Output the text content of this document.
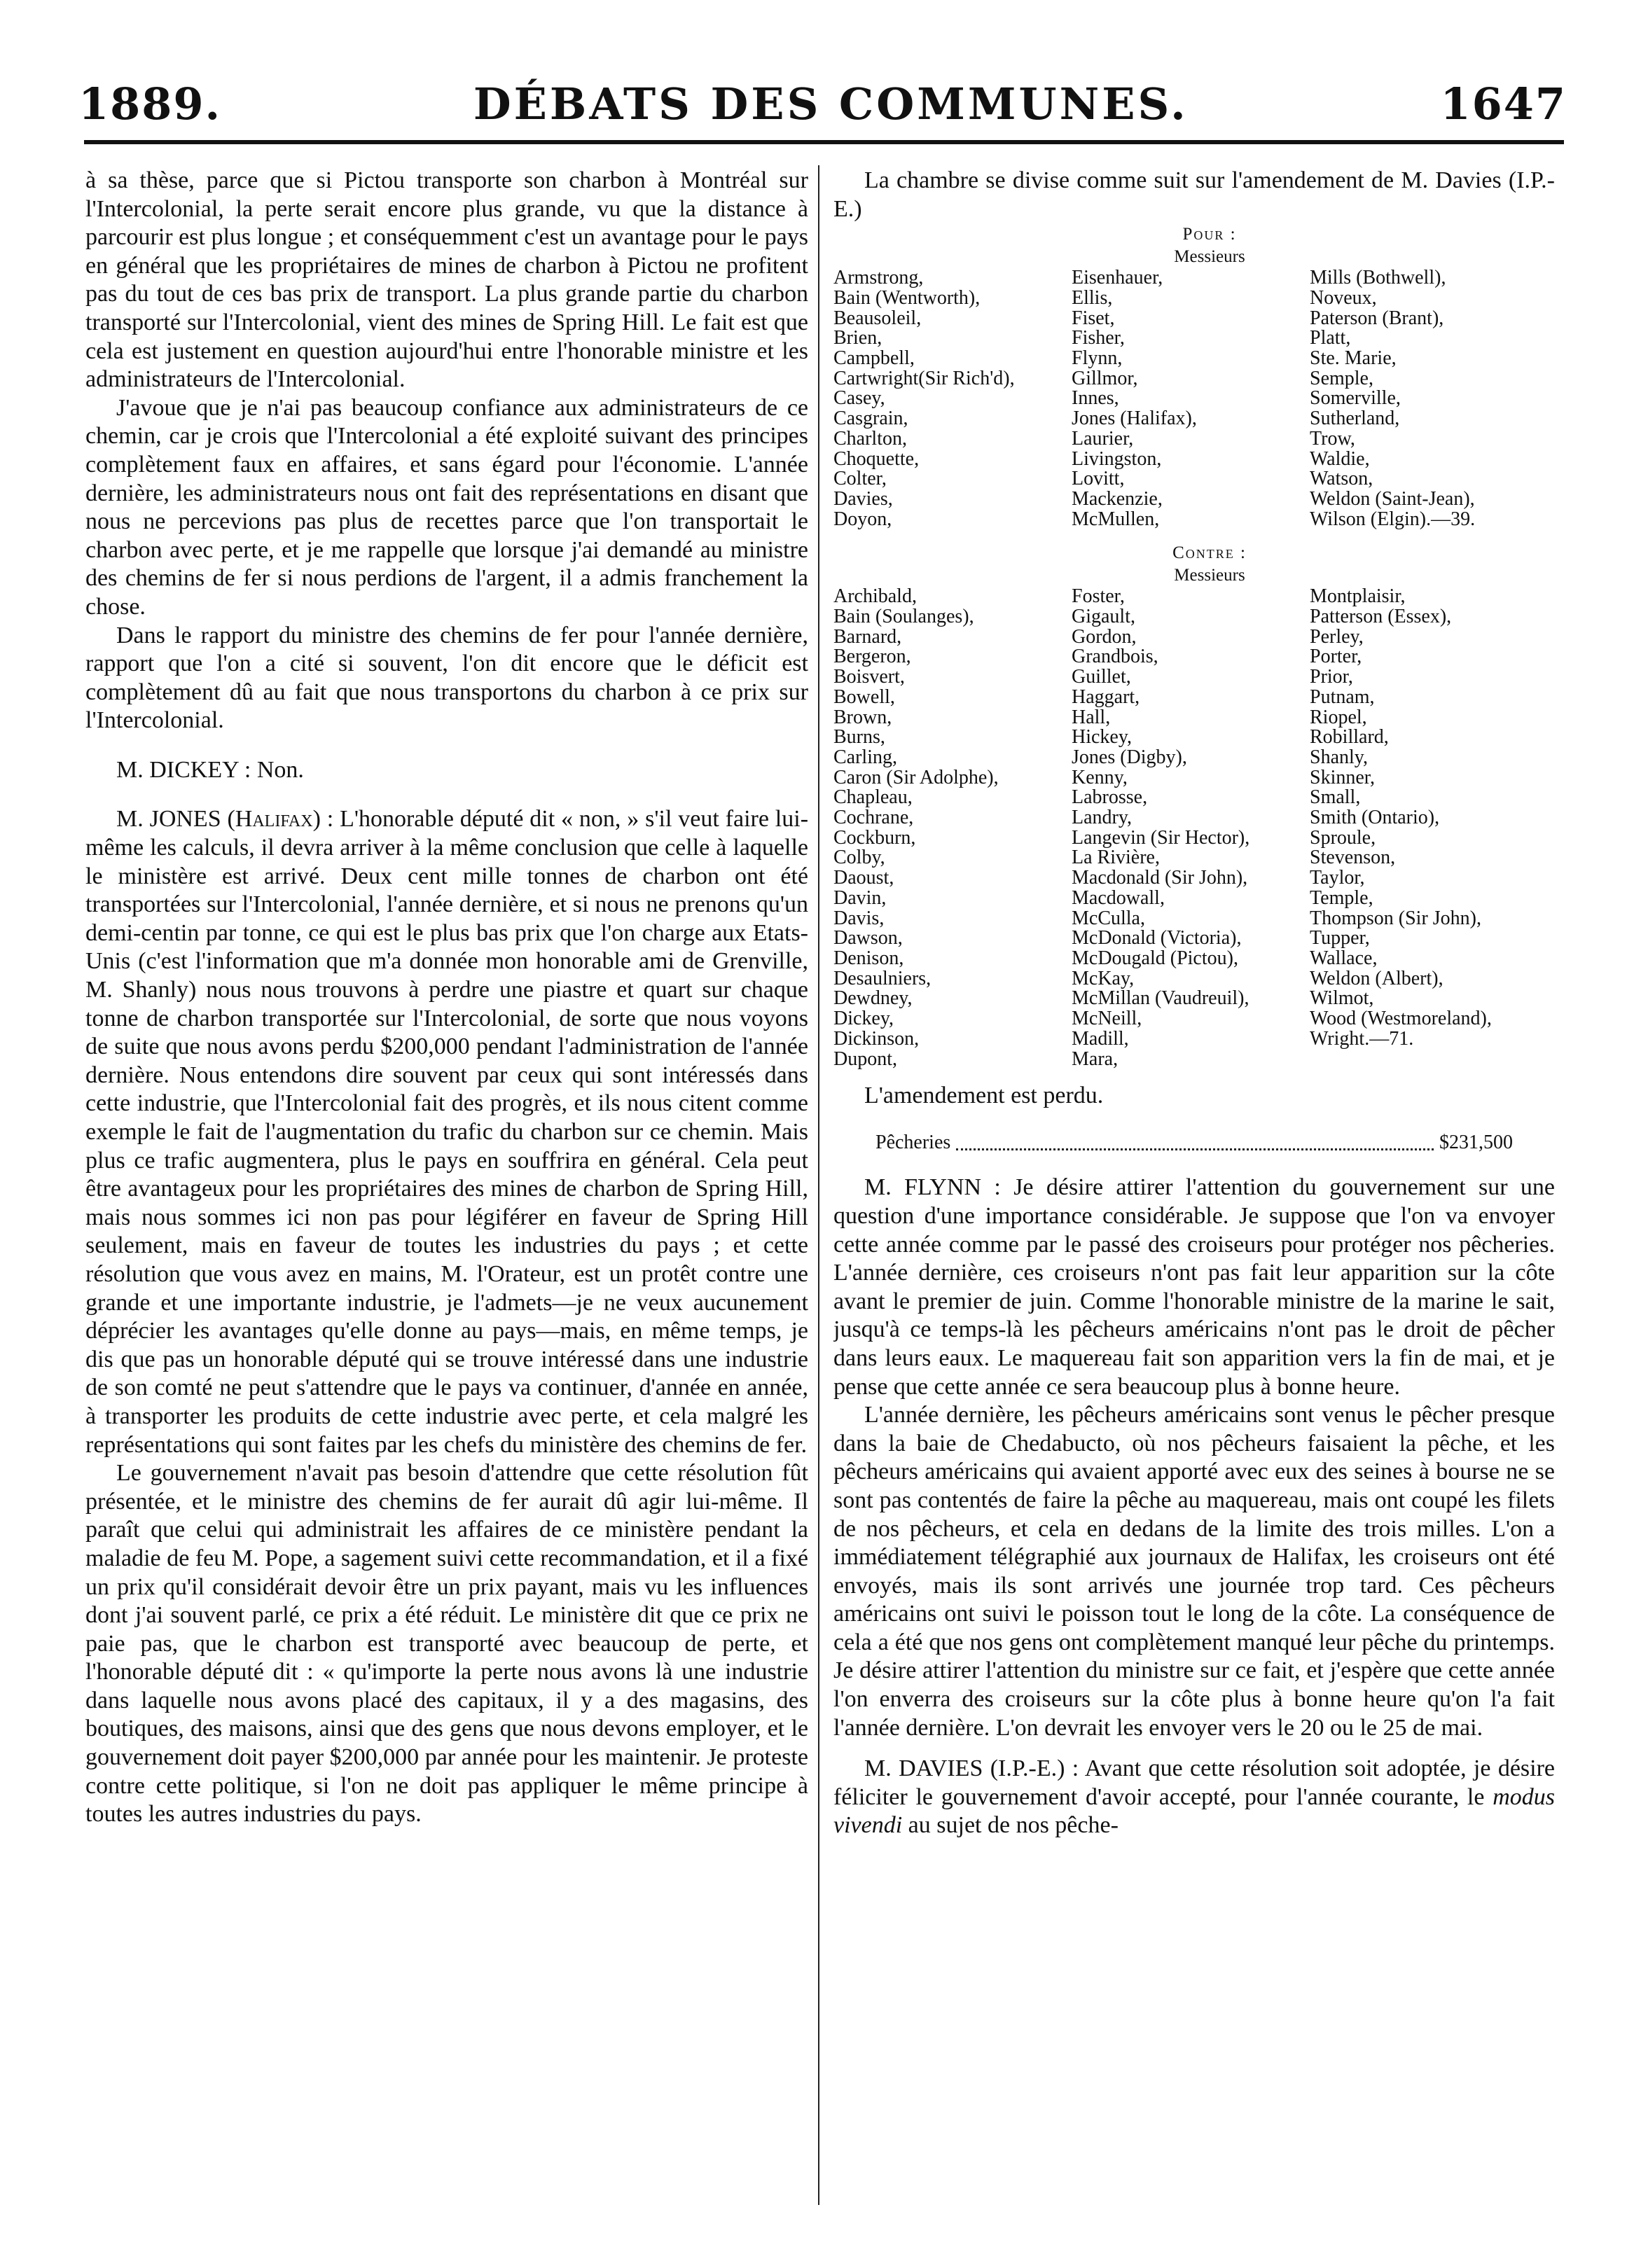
1889.	DÉBATS DES COMMUNES.	1647

à sa thèse, parce que si Pictou transporte son charbon à Montréal sur l'Intercolonial, la perte serait encore plus grande, vu que la distance à parcourir est plus longue ; et conséquemment c'est un avantage pour le pays en général que les propriétaires de mines de charbon à Pictou ne profitent pas du tout de ces bas prix de transport. La plus grande partie du charbon transporté sur l'Intercolonial, vient des mines de Spring Hill. Le fait est que cela est justement en question aujourd'hui entre l'honorable ministre et les administrateurs de l'Intercolonial.

J'avoue que je n'ai pas beaucoup confiance aux administrateurs de ce chemin, car je crois que l'Intercolonial a été exploité suivant des principes complètement faux en affaires, et sans égard pour l'économie. L'année dernière, les administrateurs nous ont fait des représentations en disant que nous ne percevions pas plus de recettes parce que l'on transportait le charbon avec perte, et je me rappelle que lorsque j'ai demandé au ministre des chemins de fer si nous perdions de l'argent, il a admis franchement la chose.

Dans le rapport du ministre des chemins de fer pour l'année dernière, rapport que l'on a cité si souvent, l'on dit encore que le déficit est complètement dû au fait que nous transportons du charbon à ce prix sur l'Intercolonial.

M. DICKEY : Non.

M. JONES (Halifax) : L'honorable député dit « non, » s'il veut faire lui-même les calculs, il devra arriver à la même conclusion que celle à laquelle le ministère est arrivé. Deux cent mille tonnes de charbon ont été transportées sur l'Intercolonial, l'année dernière, et si nous ne prenons qu'un demi-centin par tonne, ce qui est le plus bas prix que l'on charge aux Etats-Unis (c'est l'information que m'a donnée mon honorable ami de Grenville, M. Shanly) nous nous trouvons à perdre une piastre et quart sur chaque tonne de charbon transportée sur l'Intercolonial, de sorte que nous voyons de suite que nous avons perdu $200,000 pendant l'administration de l'année dernière. Nous entendons dire souvent par ceux qui sont intéressés dans cette industrie, que l'Intercolonial fait des progrès, et ils nous citent comme exemple le fait de l'augmentation du trafic du charbon sur ce chemin. Mais plus ce trafic augmentera, plus le pays en souffrira en général. Cela peut être avantageux pour les propriétaires des mines de charbon de Spring Hill, mais nous sommes ici non pas pour légiférer en faveur de Spring Hill seulement, mais en faveur de toutes les industries du pays ; et cette résolution que vous avez en mains, M. l'Orateur, est un protêt contre une grande et une importante industrie, je l'admets—je ne veux aucunement déprécier les avantages qu'elle donne au pays—mais, en même temps, je dis que pas un honorable député qui se trouve intéressé dans une industrie de son comté ne peut s'attendre que le pays va continuer, d'année en année, à transporter les produits de cette industrie avec perte, et cela malgré les représentations qui sont faites par les chefs du ministère des chemins de fer.

Le gouvernement n'avait pas besoin d'attendre que cette résolution fût présentée, et le ministre des chemins de fer aurait dû agir lui-même. Il paraît que celui qui administrait les affaires de ce ministère pendant la maladie de feu M. Pope, a sagement suivi cette recommandation, et il a fixé un prix qu'il considérait devoir être un prix payant, mais vu les influences dont j'ai souvent parlé, ce prix a été réduit. Le ministère dit que ce prix ne paie pas, que le charbon est transporté avec beaucoup de perte, et l'honorable député dit : « qu'importe la perte nous avons là une industrie dans laquelle nous avons placé des capitaux, il y a des magasins, des boutiques, des maisons, ainsi que des gens que nous devons employer, et le gouvernement doit payer $200,000 par année pour les maintenir. Je proteste contre cette politique, si l'on ne doit pas appliquer le même principe à toutes les autres industries du pays.

La chambre se divise comme suit sur l'amendement de M. Davies (I.P.-E.)

Pour :

Messieurs

Armstrong,	Eisenhauer,	Mills (Bothwell),
Bain (Wentworth),	Ellis,	Noveux,
Beausoleil,	Fiset,	Paterson (Brant),
Brien,	Fisher,	Platt,
Campbell,	Flynn,	Ste. Marie,
Cartwright(Sir Rich'd),	Gillmor,	Semple,
Casey,	Innes,	Somerville,
Casgrain,	Jones (Halifax),	Sutherland,
Charlton,	Laurier,	Trow,
Choquette,	Livingston,	Waldie,
Colter,	Lovitt,	Watson,
Davies,	Mackenzie,	Weldon (Saint-Jean),
Doyon,	McMullen,	Wilson (Elgin).—39.

Contre :

Messieurs

Archibald,	Foster,	Montplaisir,
Bain (Soulanges),	Gigault,	Patterson (Essex),
Barnard,	Gordon,	Perley,
Bergeron,	Grandbois,	Porter,
Boisvert,	Guillet,	Prior,
Bowell,	Haggart,	Putnam,
Brown,	Hall,	Riopel,
Burns,	Hickey,	Robillard,
Carling,	Jones (Digby),	Shanly,
Caron (Sir Adolphe),	Kenny,	Skinner,
Chapleau,	Labrosse,	Small,
Cochrane,	Landry,	Smith (Ontario),
Cockburn,	Langevin (Sir Hector),	Sproule,
Colby,	La Rivière,	Stevenson,
Daoust,	Macdonald (Sir John),	Taylor,
Davin,	Macdowall,	Temple,
Davis,	McCulla,	Thompson (Sir John),
Dawson,	McDonald (Victoria),	Tupper,
Denison,	McDougald (Pictou),	Wallace,
Desaulniers,	McKay,	Weldon (Albert),
Dewdney,	McMillan (Vaudreuil),	Wilmot,
Dickey,	McNeill,	Wood (Westmoreland),
Dickinson,	Madill,	Wright.—71.
Dupont,	Mara,

L'amendement est perdu.

Pêcheries	$231,500

M. FLYNN : Je désire attirer l'attention du gouvernement sur une question d'une importance considérable. Je suppose que l'on va envoyer cette année comme par le passé des croiseurs pour protéger nos pêcheries. L'année dernière, ces croiseurs n'ont pas fait leur apparition sur la côte avant le premier de juin. Comme l'honorable ministre de la marine le sait, jusqu'à ce temps-là les pêcheurs américains n'ont pas le droit de pêcher dans leurs eaux. Le maquereau fait son apparition vers la fin de mai, et je pense que cette année ce sera beaucoup plus à bonne heure.

L'année dernière, les pêcheurs américains sont venus le pêcher presque dans la baie de Chedabucto, où nos pêcheurs faisaient la pêche, et les pêcheurs américains qui avaient apporté avec eux des seines à bourse ne se sont pas contentés de faire la pêche au maquereau, mais ont coupé les filets de nos pêcheurs, et cela en dedans de la limite des trois milles. L'on a immédiatement télégraphié aux journaux de Halifax, les croiseurs ont été envoyés, mais ils sont arrivés une journée trop tard. Ces pêcheurs américains ont suivi le poisson tout le long de la côte. La conséquence de cela a été que nos gens ont complètement manqué leur pêche du printemps. Je désire attirer l'attention du ministre sur ce fait, et j'espère que cette année l'on enverra des croiseurs sur la côte plus à bonne heure qu'on l'a fait l'année dernière. L'on devrait les envoyer vers le 20 ou le 25 de mai.

M. DAVIES (I.P.-E.) : Avant que cette résolution soit adoptée, je désire féliciter le gouvernement d'avoir accepté, pour l'année courante, le modus vivendi au sujet de nos pêche-
